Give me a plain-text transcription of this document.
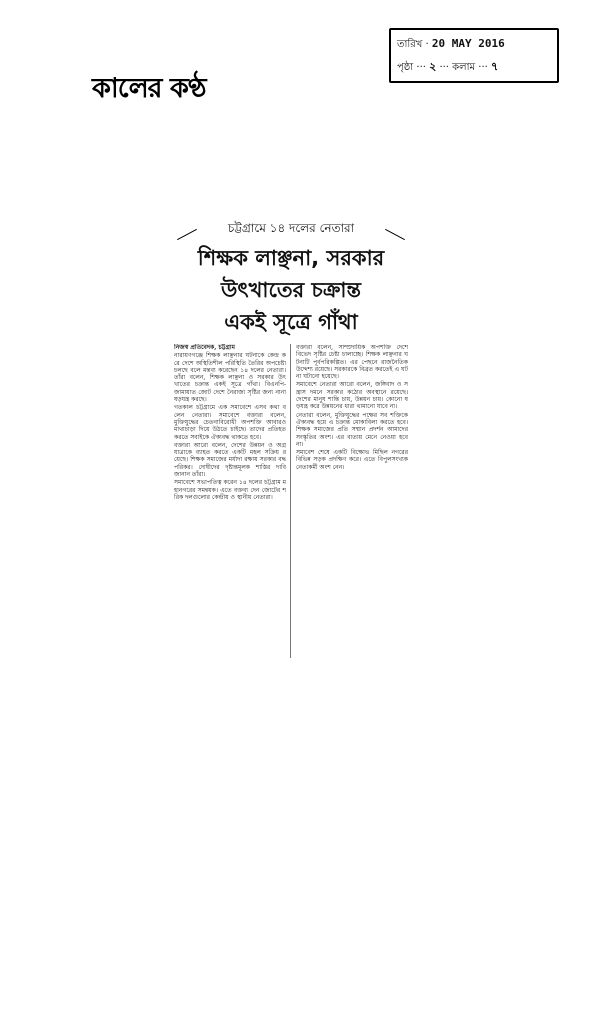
কালের কণ্ঠ
তারিখ · 20 MAY 2016
পৃষ্ঠা ··· ২ ··· কলাম ··· ৭
চট্টগ্রামে ১৪ দলের নেতারা
শিক্ষক লাঞ্ছনা, সরকার
উৎখাতের চক্রান্ত
একই সূত্রে গাঁথা

নিজস্ব প্রতিবেদক, চট্টগ্রাম

নারায়ণগঞ্জে শিক্ষক লাঞ্ছনার ঘটনাকে কেন্দ্র করে দেশে অস্থিতিশীল পরিস্থিতি তৈরির অপচেষ্টা চলছে বলে মন্তব্য করেছেন ১৪ দলের নেতারা। তাঁরা বলেন, শিক্ষক লাঞ্ছনা ও সরকার উৎখাতের চক্রান্ত একই সূত্রে গাঁথা। বিএনপি-জামায়াত জোট দেশে নৈরাজ্য সৃষ্টির জন্য নানা ষড়যন্ত্র করছে।

গতকাল চট্টগ্রামে এক সমাবেশে এসব কথা বলেন নেতারা। সমাবেশে বক্তারা বলেন, মুক্তিযুদ্ধের চেতনাবিরোধী অপশক্তি আবারও মাথাচাড়া দিয়ে উঠতে চাইছে। তাদের প্রতিহত করতে সবাইকে ঐক্যবদ্ধ থাকতে হবে।

বক্তারা আরো বলেন, দেশের উন্নয়ন ও অগ্রযাত্রাকে ব্যাহত করতে একটি মহল সক্রিয় রয়েছে। শিক্ষক সমাজের মর্যাদা রক্ষায় সরকার বদ্ধপরিকর। দোষীদের দৃষ্টান্তমূলক শাস্তির দাবি জানান তাঁরা।

সমাবেশে সভাপতিত্ব করেন ১৪ দলের চট্টগ্রাম মহানগরের সমন্বয়ক। এতে বক্তব্য দেন জোটের শরিক দলগুলোর কেন্দ্রীয় ও স্থানীয় নেতারা।

বক্তারা বলেন, সাম্প্রদায়িক অপশক্তি দেশে বিভেদ সৃষ্টির চেষ্টা চালাচ্ছে। শিক্ষক লাঞ্ছনার ঘটনাটি পূর্বপরিকল্পিত। এর পেছনে রাজনৈতিক উদ্দেশ্য রয়েছে। সরকারকে বিব্রত করতেই এ ঘটনা ঘটানো হয়েছে।

সমাবেশে নেতারা আরো বলেন, জঙ্গিবাদ ও সন্ত্রাস দমনে সরকার কঠোর অবস্থানে রয়েছে। দেশের মানুষ শান্তি চায়, উন্নয়ন চায়। কোনো ষড়যন্ত্র করে উন্নয়নের ধারা থামানো যাবে না।

নেতারা বলেন, মুক্তিযুদ্ধের পক্ষের সব শক্তিকে ঐক্যবদ্ধ হয়ে এ চক্রান্ত মোকাবিলা করতে হবে। শিক্ষক সমাজের প্রতি সম্মান প্রদর্শন আমাদের সংস্কৃতির অংশ। এর ব্যত্যয় মেনে নেওয়া হবে না।

সমাবেশ শেষে একটি বিক্ষোভ মিছিল নগরের বিভিন্ন সড়ক প্রদক্ষিণ করে। এতে বিপুলসংখ্যক নেতাকর্মী অংশ নেন।
